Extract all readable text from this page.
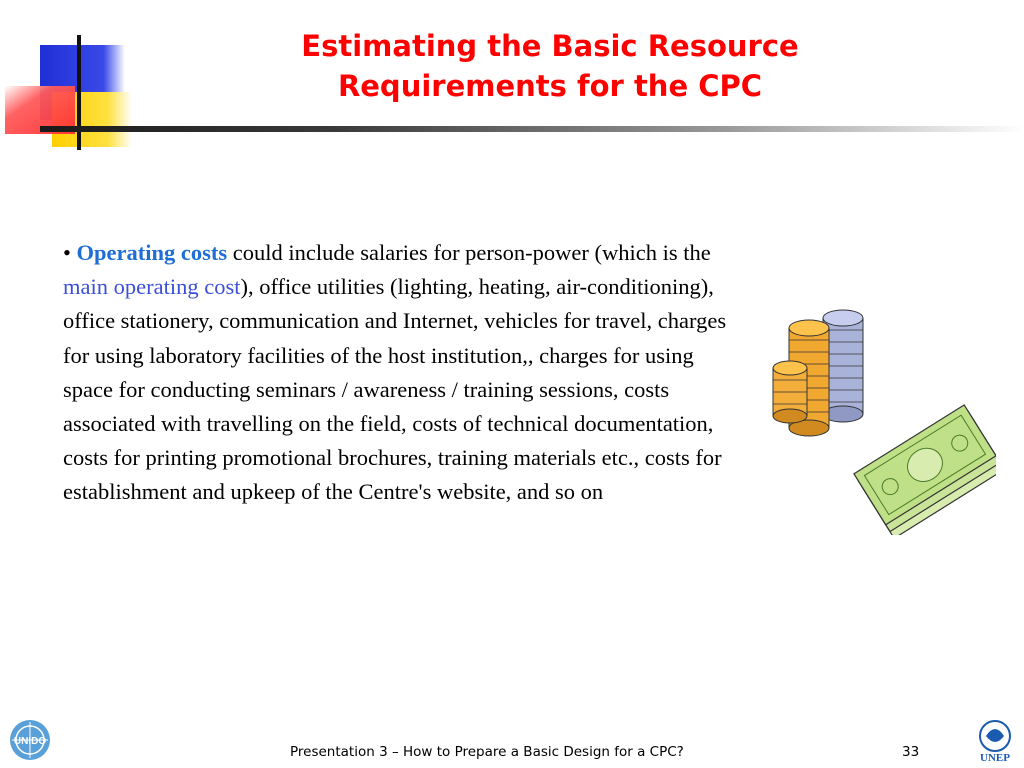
Estimating the Basic Resource
Requirements for the CPC

• Operating costs could include salaries for person-power (which is the main operating cost), office utilities (lighting, heating, air-conditioning), office stationery, communication and Internet, vehicles for travel, charges for using laboratory facilities of the host institution,, charges for using space for conducting seminars / awareness / training sessions, costs associated with travelling on the field, costs of technical documentation, costs for printing promotional brochures, training materials etc., costs for establishment and upkeep of the Centre's website, and so on

UNIDO
Presentation 3 – How to Prepare a Basic Design for a CPC?	33	UNEP
